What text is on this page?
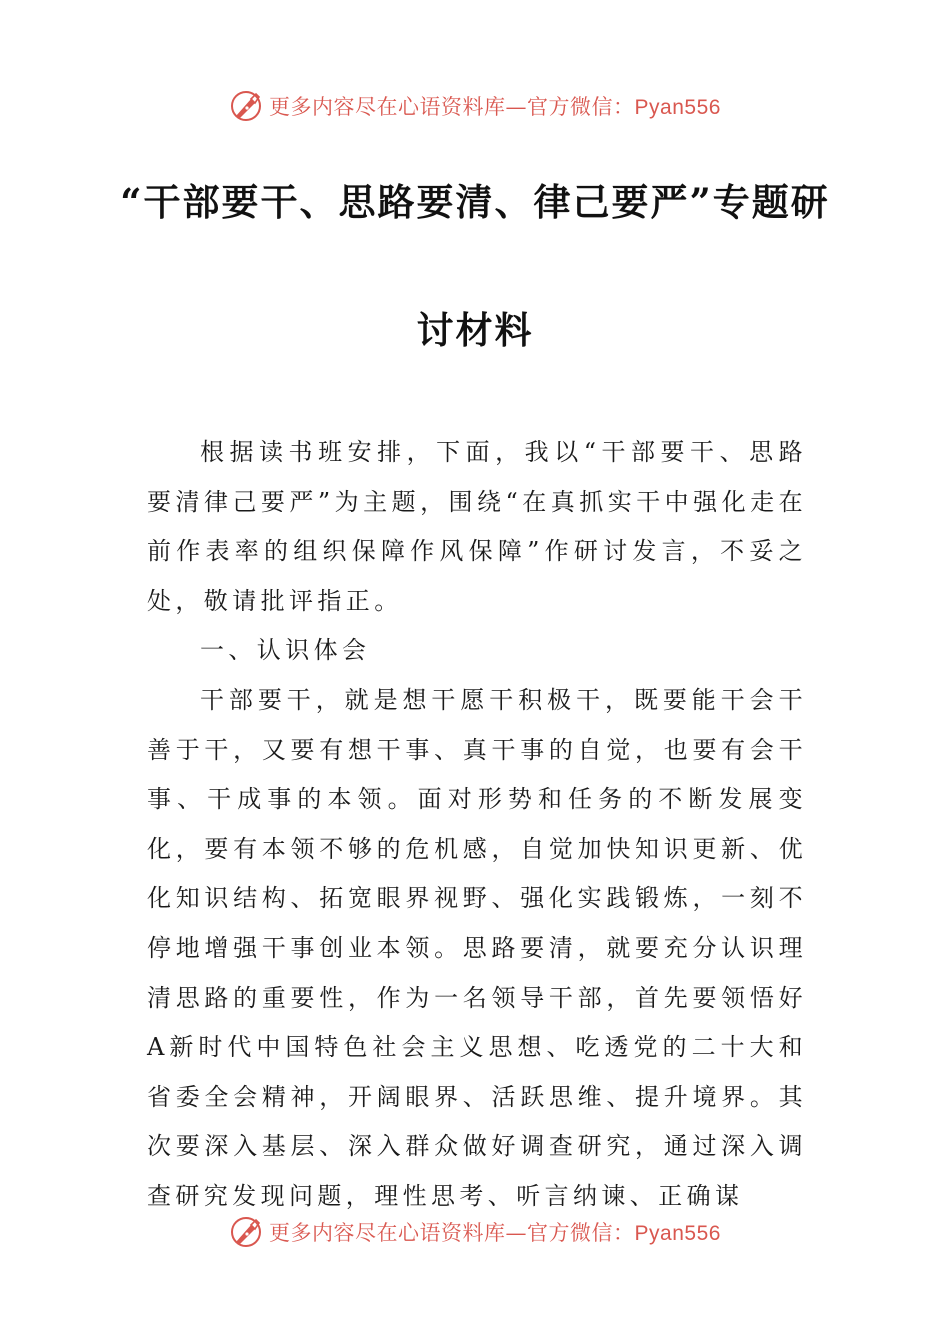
更多内容尽在心语资料库—官方微信：Pyan556
“干部要干、思路要清、律己要严”专题研
讨材料

根据读书班安排，下面，我以“干部要干、思路要清律己要严”为主题，围绕“在真抓实干中强化走在前作表率的组织保障作风保障”作研讨发言，不妥之处，敬请批评指正。

一、认识体会

干部要干，就是想干愿干积极干，既要能干会干善于干，又要有想干事、真干事的自觉，也要有会干事、干成事的本领。面对形势和任务的不断发展变化，要有本领不够的危机感，自觉加快知识更新、优化知识结构、拓宽眼界视野、强化实践锻炼，一刻不停地增强干事创业本领。思路要清，就要充分认识理清思路的重要性，作为一名领导干部，首先要领悟好A新时代中国特色社会主义思想、吃透党的二十大和省委全会精神，开阔眼界、活跃思维、提升境界。其次要深入基层、深入群众做好调查研究，通过深入调查研究发现问题，理性思考、听言纳谏、正确谋

更多内容尽在心语资料库—官方微信：Pyan556
